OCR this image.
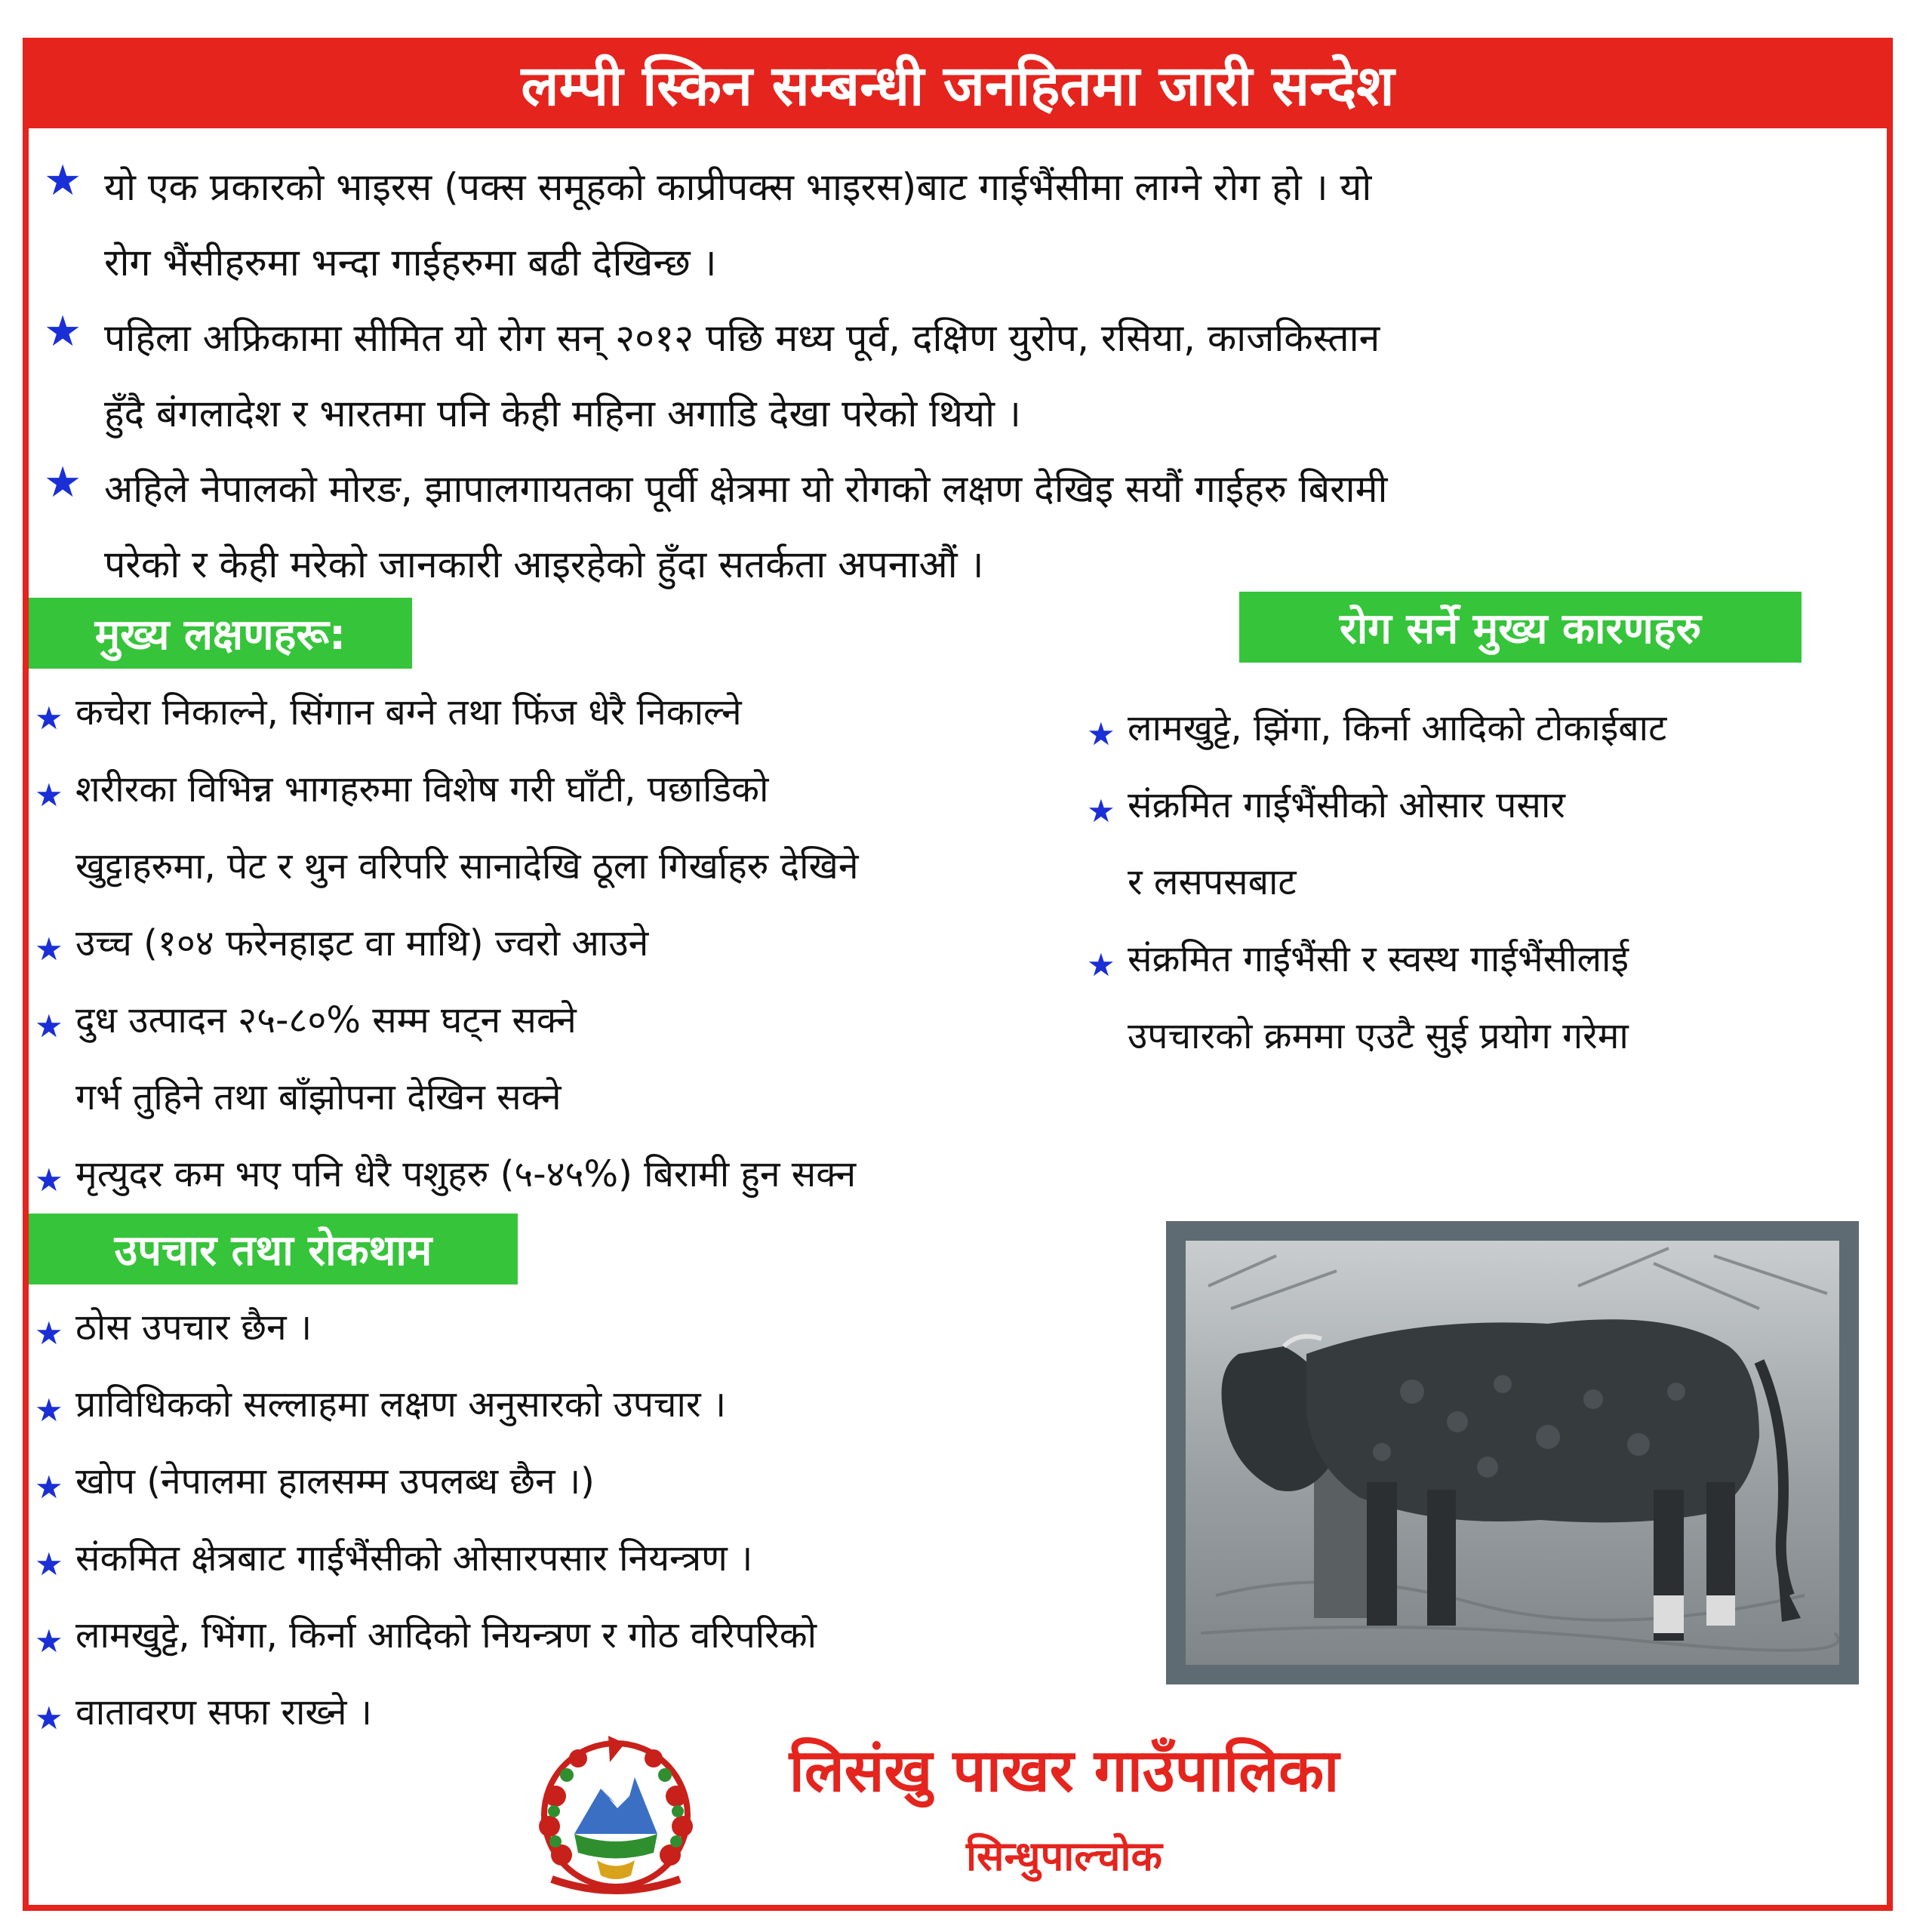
लम्पी स्किन सम्बन्धी जनहितमा जारी सन्देश
★ यो एक प्रकारको भाइरस (पक्स समूहको काप्रीपक्स भाइरस)बाट गाईभैंसीमा लाग्ने रोग हो । यो
रोग भैंसीहरुमा भन्दा गाईहरुमा बढी देखिन्छ ।
★ पहिला अफ्रिकामा सीमित यो रोग सन् २०१२ पछि मध्य पूर्व, दक्षिण युरोप, रसिया, काजकिस्तान
हुँदै बंगलादेश र भारतमा पनि केही महिना अगाडि देखा परेको थियो ।
★ अहिले नेपालको मोरङ, झापालगायतका पूर्वी क्षेत्रमा यो रोगको लक्षण देखिइ सयौं गाईहरु बिरामी
परेको र केही मरेको जानकारी आइरहेको हुँदा सतर्कता अपनाऔं ।
मुख्य लक्षणहरू:
★ कचेरा निकाल्ने, सिंगान बग्ने तथा फिंज धेरै निकाल्ने
★ शरीरका विभिन्न भागहरुमा विशेष गरी घाँटी, पछाडिको
खुट्टाहरुमा, पेट र थुन वरिपरि सानादेखि ठूला गिर्खाहरु देखिने
★ उच्च (१०४ फरेनहाइट वा माथि) ज्वरो आउने
★ दुध उत्पादन २५-८०% सम्म घट्न सक्ने
गर्भ तुहिने तथा बाँझोपना देखिन सक्ने
★ मृत्युदर कम भए पनि धेरै पशुहरु (५-४५%) बिरामी हुन सक्न
रोग सर्ने मुख्य कारणहरु
★ लामखुट्टे, झिंगा, किर्ना आदिको टोकाईबाट
★ संक्रमित गाईभैंसीको ओसार पसार
र लसपसबाट
★ संक्रमित गाईभैंसी र स्वस्थ गाईभैंसीलाई
उपचारको क्रममा एउटै सुई प्रयोग गरेमा
उपचार तथा रोकथाम
★ ठोस उपचार छैन ।
★ प्राविधिकको सल्लाहमा लक्षण अनुसारको उपचार ।
★ खोप (नेपालमा हालसम्म उपलब्ध छैन ।)
★ संकमित क्षेत्रबाट गाईभैंसीको ओसारपसार नियन्त्रण ।
★ लामखुट्टे, भिंगा, किर्ना आदिको नियन्त्रण र गोठ वरिपरिको
★ वातावरण सफा राख्ने ।
लिसंखु पाखर गाउँपालिका
सिन्धुपाल्चोक
